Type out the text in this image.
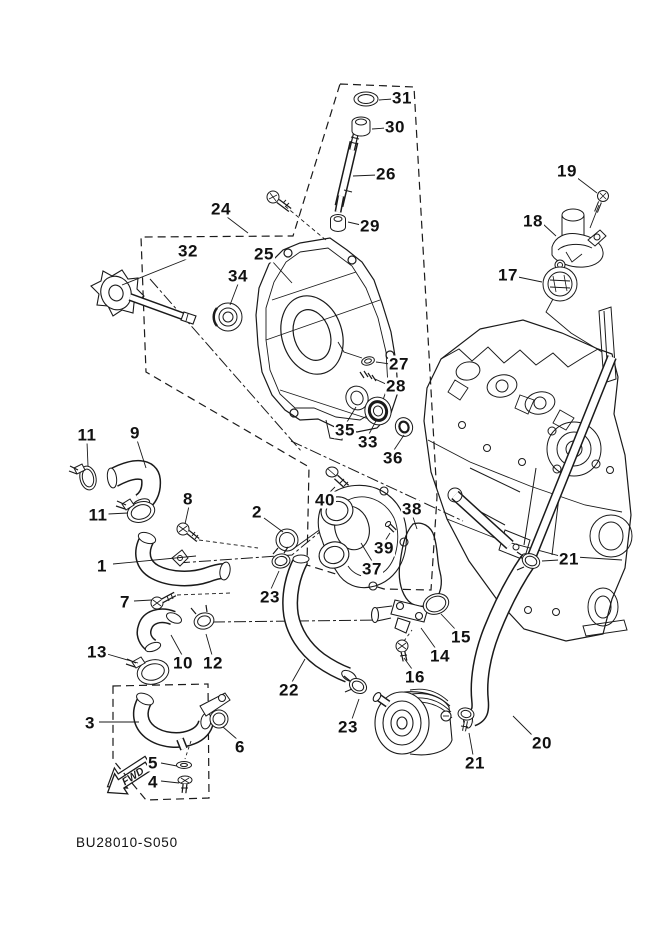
FWD
1
2
3
4
5
6
7
8
9
10
11
11
12
13	14
15
16
17
18
19
20
21
21
22
23
23
24
25
26
27
28
29
30
31
32
33
34
35
36
37
38
39
40
BU28010-S050
